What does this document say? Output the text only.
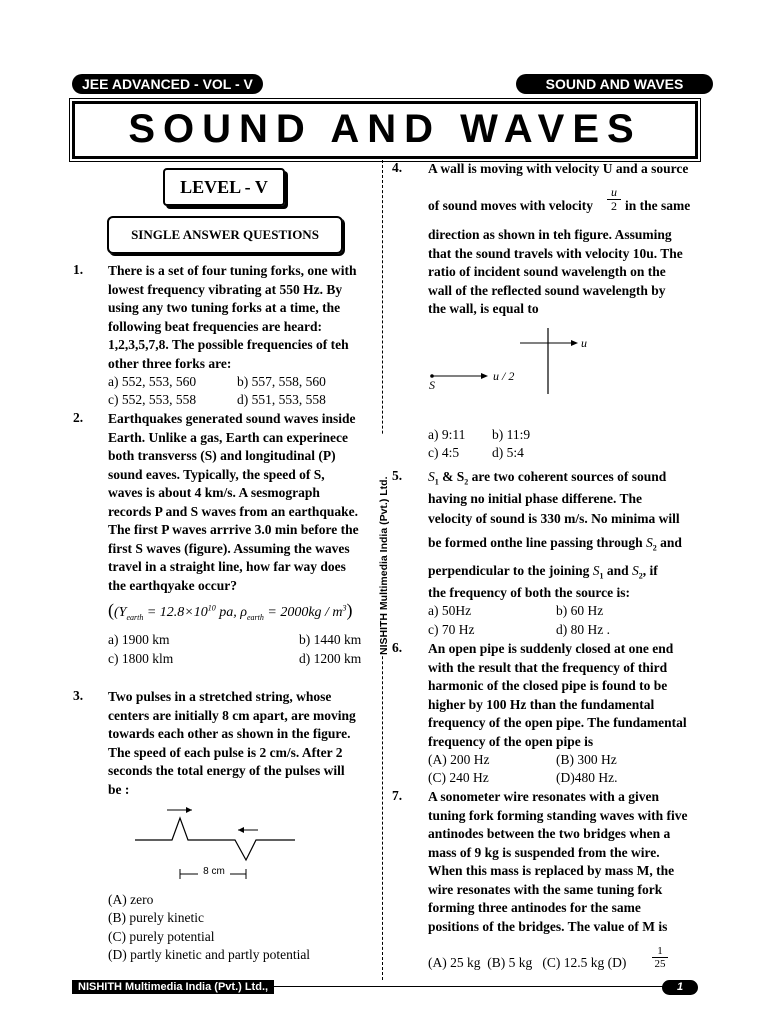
JEE ADVANCED - VOL - V	SOUND AND WAVES
SOUND AND WAVES
NISHITH Multimedia India (Pvt.) Ltd.
LEVEL - V
SINGLE ANSWER QUESTIONS
1. There is a set of four tuning forks, one with
lowest frequency vibrating at 550 Hz. By
using any two tuning forks at a time, the
following beat frequencies are heard:
1,2,3,5,7,8. The possible frequencies of teh
other three forks are:
a) 552, 553, 560	b) 557, 558, 560
c) 552, 553, 558	d) 551, 553, 558
2. Earthquakes generated sound waves inside
Earth. Unlike a gas, Earth can experinece
both transverss (S) and longitudinal (P)
sound eaves. Typically, the speed of S,
waves is about 4 km/s. A sesmograph
records P and S waves from an earthquake.
The first P waves arrrive 3.0 min before the
first S waves (figure). Assuming the waves
travel in a straight line, how far way does
the earthqyake occur?
(($Y_{earth} = 12.8\times 10^{10}$ pa, $\rho_{earth} = 2000kg / m^3$)
a) 1900 km	b) 1440 km
c) 1800 klm	d) 1200 km
3. Two pulses in a stretched string, whose
centers are initially 8 cm apart, are moving
towards each other as shown in the figure.
The speed of each pulse is 2 cm/s. After 2
seconds the total energy of the pulses will
be :
8 cm
(A) zero
(B) purely kinetic
(C) purely potential
(D) partly kinetic and partly potential
4. A wall is moving with velocity U and a source
of sound moves with velocity $\frac{u}{2}$ in the same
direction as shown in teh figure. Assuming
that the sound travels with velocity 10u. The
ratio of incident sound wavelength on the
wall of the reflected sound wavelength by
the wall, is equal to
u
u / 2
S
a) 9:11 b) 11:9
c) 4:5 d) 5:4
5. $S_1$ & $S_2$ are two coherent sources of sound
having no initial phase differene. The
velocity of sound is 330 m/s. No minima will
be formed onthe line passing through $S_2$ and
perpendicular to the joining $S_1$ and $S_2$, if
the frequency of both the source is:
a) 50Hz	b) 60 Hz
c) 70 Hz	d) 80 Hz .
6. An open pipe is suddenly closed at one end
with the result that the frequency of third
harmonic of the closed pipe is found to be
higher by 100 Hz than the fundamental
frequency of the open pipe. The fundamental
frequency of the open pipe is
(A) 200 Hz	(B) 300 Hz
(C) 240 Hz	(D)480 Hz.
7. A sonometer wire resonates with a given
tuning fork forming standing waves with five
antinodes between the two bridges when a
mass of 9 kg is suspended from the wire.
When this mass is replaced by mass M, the
wire resonates with the same tuning fork
forming three antinodes for the same
positions of the bridges. The value of M is
(A) 25 kg  (B) 5 kg   (C) 12.5 kg $(D) \frac{1}{25}$
NISHITH Multimedia India (Pvt.) Ltd.,	1
